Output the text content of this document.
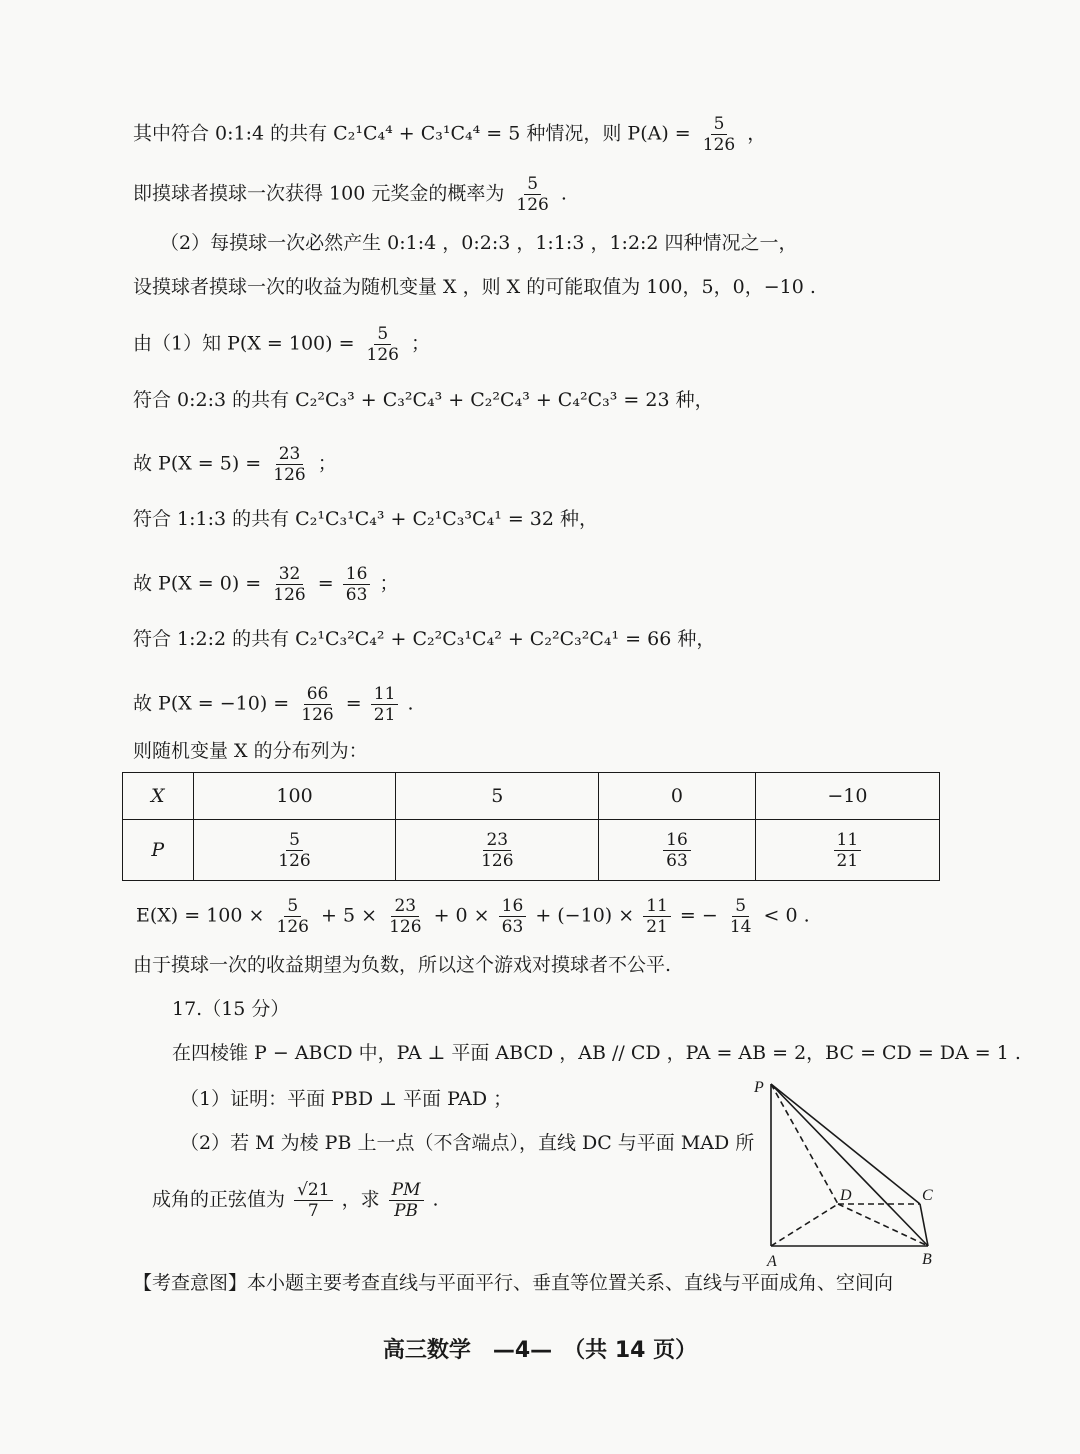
其中符合 0:1:4 的共有 C₂¹C₄⁴ + C₃¹C₄⁴ = 5 种情况，则 $P(A) = \frac{5}{126}$ ，
即摸球者摸球一次获得 100 元奖金的概率为 $\frac{5}{126}$ .
（2）每摸球一次必然产生 0:1:4 ，0:2:3 ，1:1:3 ，1:2:2 四种情况之一，
设摸球者摸球一次的收益为随机变量 X ，则 X 的可能取值为 100，5，0，−10 .
由（1）知 $P(X = 100) = \frac{5}{126}$ ；
符合 0:2:3 的共有 C₂²C₃³ + C₃²C₄³ + C₂²C₄³ + C₄²C₃³ = 23 种，
故 $P(X = 5) = \frac{23}{126}$ ；
符合 1:1:3 的共有 C₂¹C₃¹C₄³ + C₂¹C₃³C₄¹ = 32 种，
故 $P(X = 0) = \frac{32}{126} = \frac{16}{63}$ ；
符合 1:2:2 的共有 C₂¹C₃²C₄² + C₂²C₃¹C₄² + C₂²C₃²C₄¹ = 66 种，
故 $P(X = -10) = \frac{66}{126} = \frac{11}{21}$ .
则随机变量 X 的分布列为：
X	100	5	0	−10
P	$\frac{5}{126}$	$\frac{23}{126}$	$\frac{16}{63}$	$\frac{11}{21}$
$E(X) = 100 \times \frac{5}{126} + 5 \times \frac{23}{126} + 0 \times \frac{16}{63} + (-10) \times \frac{11}{21}$ = − $\frac{5}{14} < 0$ .
由于摸球一次的收益期望为负数，所以这个游戏对摸球者不公平.
17.（15 分）
在四棱锥 P − ABCD 中，PA ⊥ 平面 ABCD ，AB // CD ，PA = AB = 2，BC = CD = DA = 1 .
（1）证明：平面 PBD ⊥ 平面 PAD ；
（2）若 M 为棱 PB 上一点（不含端点），直线 DC 与平面 MAD 所
成角的正弦值为 $\frac{√21}{7}$ ，求 $\frac{PM}{PB}$ .
P
A	B
C
D
【考查意图】本小题主要考查直线与平面平行、垂直等位置关系、直线与平面成角、空间向
高三数学　—4—　（共 14 页）
